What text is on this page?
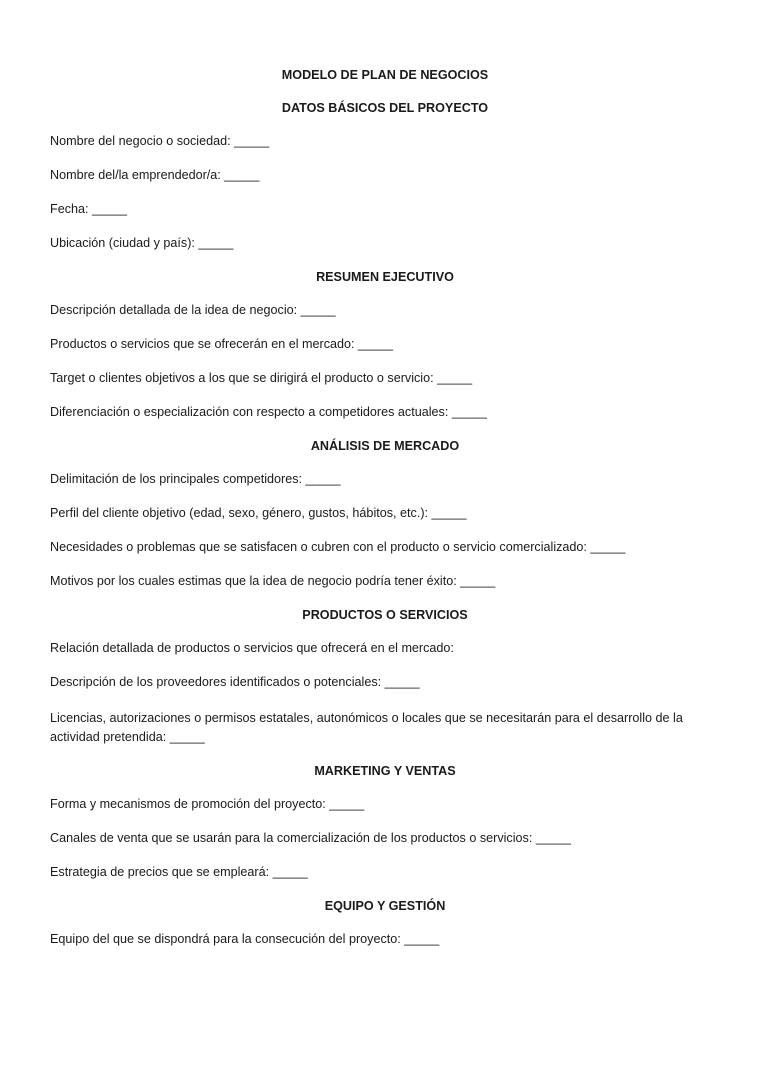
MODELO DE PLAN DE NEGOCIOS
DATOS BÁSICOS DEL PROYECTO
Nombre del negocio o sociedad: _____
Nombre del/la emprendedor/a: _____
Fecha: _____
Ubicación (ciudad y país): _____
RESUMEN EJECUTIVO
Descripción detallada de la idea de negocio: _____
Productos o servicios que se ofrecerán en el mercado: _____
Target o clientes objetivos a los que se dirigirá el producto o servicio: _____
Diferenciación o especialización con respecto a competidores actuales: _____
ANÁLISIS DE MERCADO
Delimitación de los principales competidores: _____
Perfil del cliente objetivo (edad, sexo, género, gustos, hábitos, etc.): _____
Necesidades o problemas que se satisfacen o cubren con el producto o servicio comercializado: _____
Motivos por los cuales estimas que la idea de negocio podría tener éxito: _____
PRODUCTOS O SERVICIOS
Relación detallada de productos o servicios que ofrecerá en el mercado:
Descripción de los proveedores identificados o potenciales: _____
Licencias, autorizaciones o permisos estatales, autonómicos o locales que se necesitarán para el desarrollo de la actividad pretendida: _____
MARKETING Y VENTAS
Forma y mecanismos de promoción del proyecto: _____
Canales de venta que se usarán para la comercialización de los productos o servicios: _____
Estrategia de precios que se empleará: _____
EQUIPO Y GESTIÓN
Equipo del que se dispondrá para la consecución del proyecto: _____
